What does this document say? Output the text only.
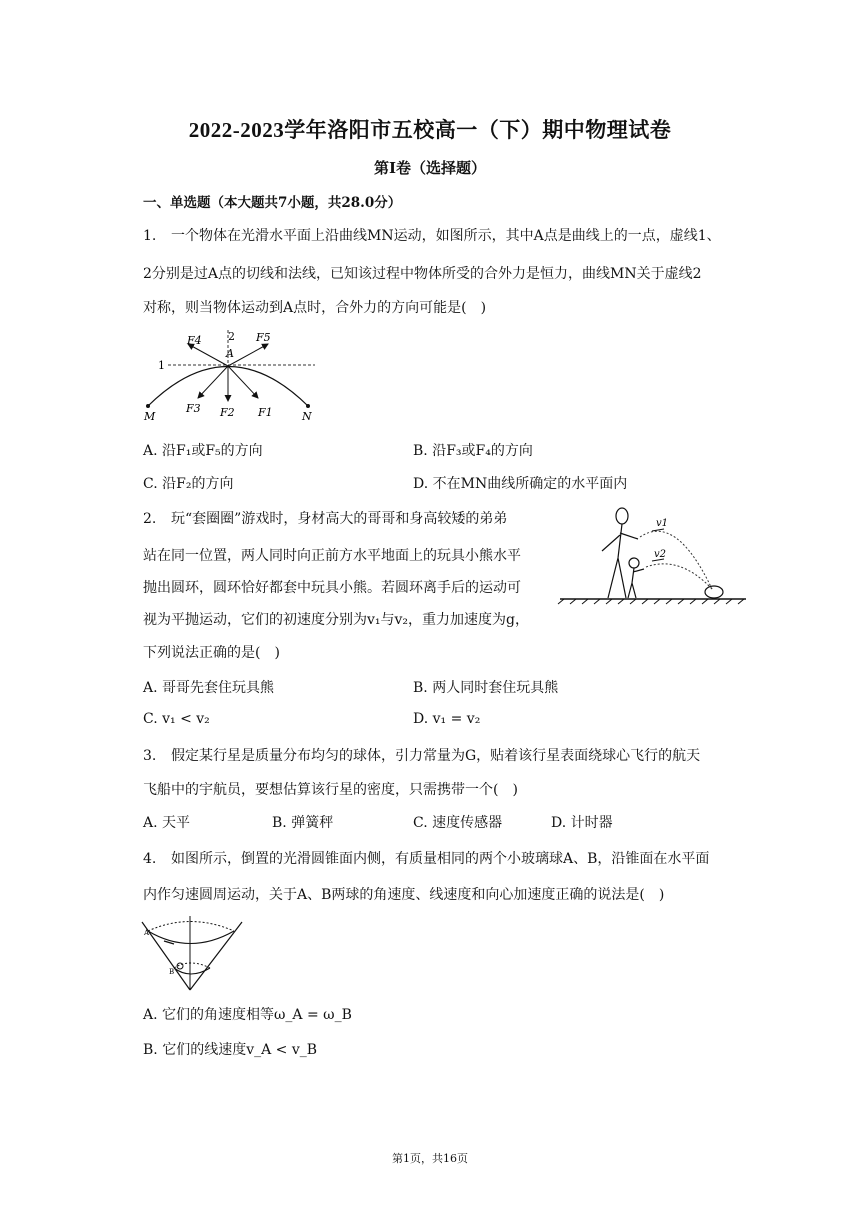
2022-2023学年洛阳市五校高一（下）期中物理试卷
第I卷（选择题）
一、单选题（本大题共7小题，共28.0分）
1. 一个物体在光滑水平面上沿曲线MN运动，如图所示，其中A点是曲线上的一点，虚线1、
2分别是过A点的切线和法线，已知该过程中物体所受的合外力是恒力，曲线MN关于虚线2
对称，则当物体运动到A点时，合外力的方向可能是(　)
F4 2
A
F5
1
M
F3 F2 F1	N
A. 沿F₁或F₅的方向	B. 沿F₃或F₄的方向
C. 沿F₂的方向	D. 不在MN曲线所确定的水平面内
2. 玩“套圈圈”游戏时，身材高大的哥哥和身高较矮的弟弟
站在同一位置，两人同时向正前方水平地面上的玩具小熊水平
抛出圆环，圆环恰好都套中玩具小熊。若圆环离手后的运动可
视为平抛运动，它们的初速度分别为v₁与v₂，重力加速度为g，
下列说法正确的是(　)
v1
v2
A. 哥哥先套住玩具熊	B. 两人同时套住玩具熊
C. v₁ < v₂	D. v₁ = v₂
3. 假定某行星是质量分布均匀的球体，引力常量为G，贴着该行星表面绕球心飞行的航天
飞船中的宇航员，要想估算该行星的密度，只需携带一个(　)
A. 天平	B. 弹簧秤	C. 速度传感器	D. 计时器
4. 如图所示，倒置的光滑圆锥面内侧，有质量相同的两个小玻璃球A、B，沿锥面在水平面
内作匀速圆周运动，关于A、B两球的角速度、线速度和向心加速度正确的说法是(　)
A
B
A. 它们的角速度相等ω_A = ω_B
B. 它们的线速度v_A < v_B
第1页，共16页
